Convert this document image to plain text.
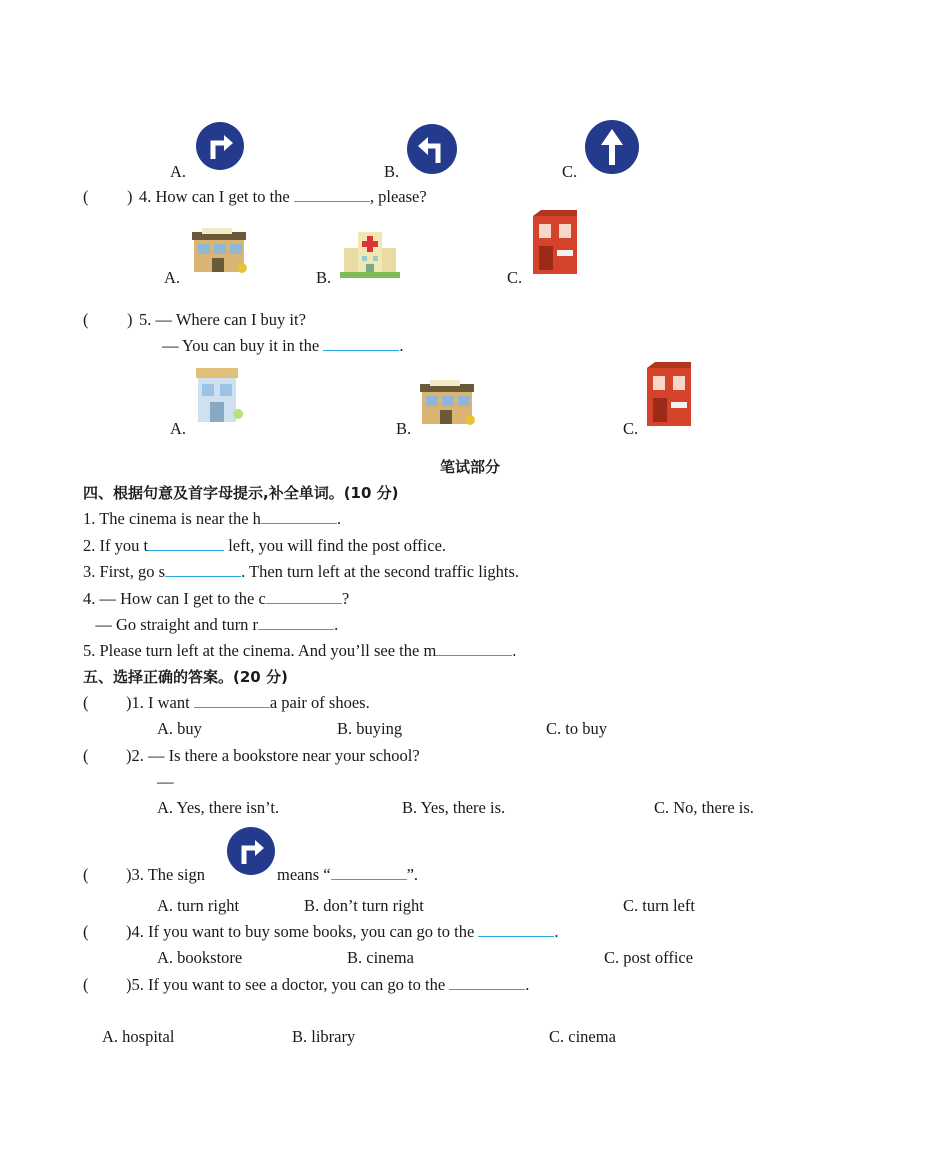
A.	B.	C.
( ) 4. How can I get to the	, please?
A.	B.	C.
( ) 5. — Where can I buy it?
— You can buy it in the	.
A.	B.	C.
笔试部分
四、根据句意及首字母提示,补全单词。(10 分)
1. The cinema is near the h	.
2. If you t	left, you will find the post office.
3. First, go s	. Then turn left at the second traffic lights.
4. — How can I get to the c	?
— Go straight and turn r	.
5. Please turn left at the cinema. And you’ll see the m	.
五、选择正确的答案。(20 分)
( )1. I want	a pair of shoes.
A. buy	B. buying	C. to buy
( )2. — Is there a bookstore near your school?
—
A. Yes, there isn’t.	B. Yes, there is.	C. No, there is.
( )3. The sign	means “	”.
A. turn right	B. don’t turn right	C. turn left
( )4. If you want to buy some books, you can go to the	.
A. bookstore	B. cinema	C. post office
( )5. If you want to see a doctor, you can go to the	.
A. hospital	B. library	C. cinema
